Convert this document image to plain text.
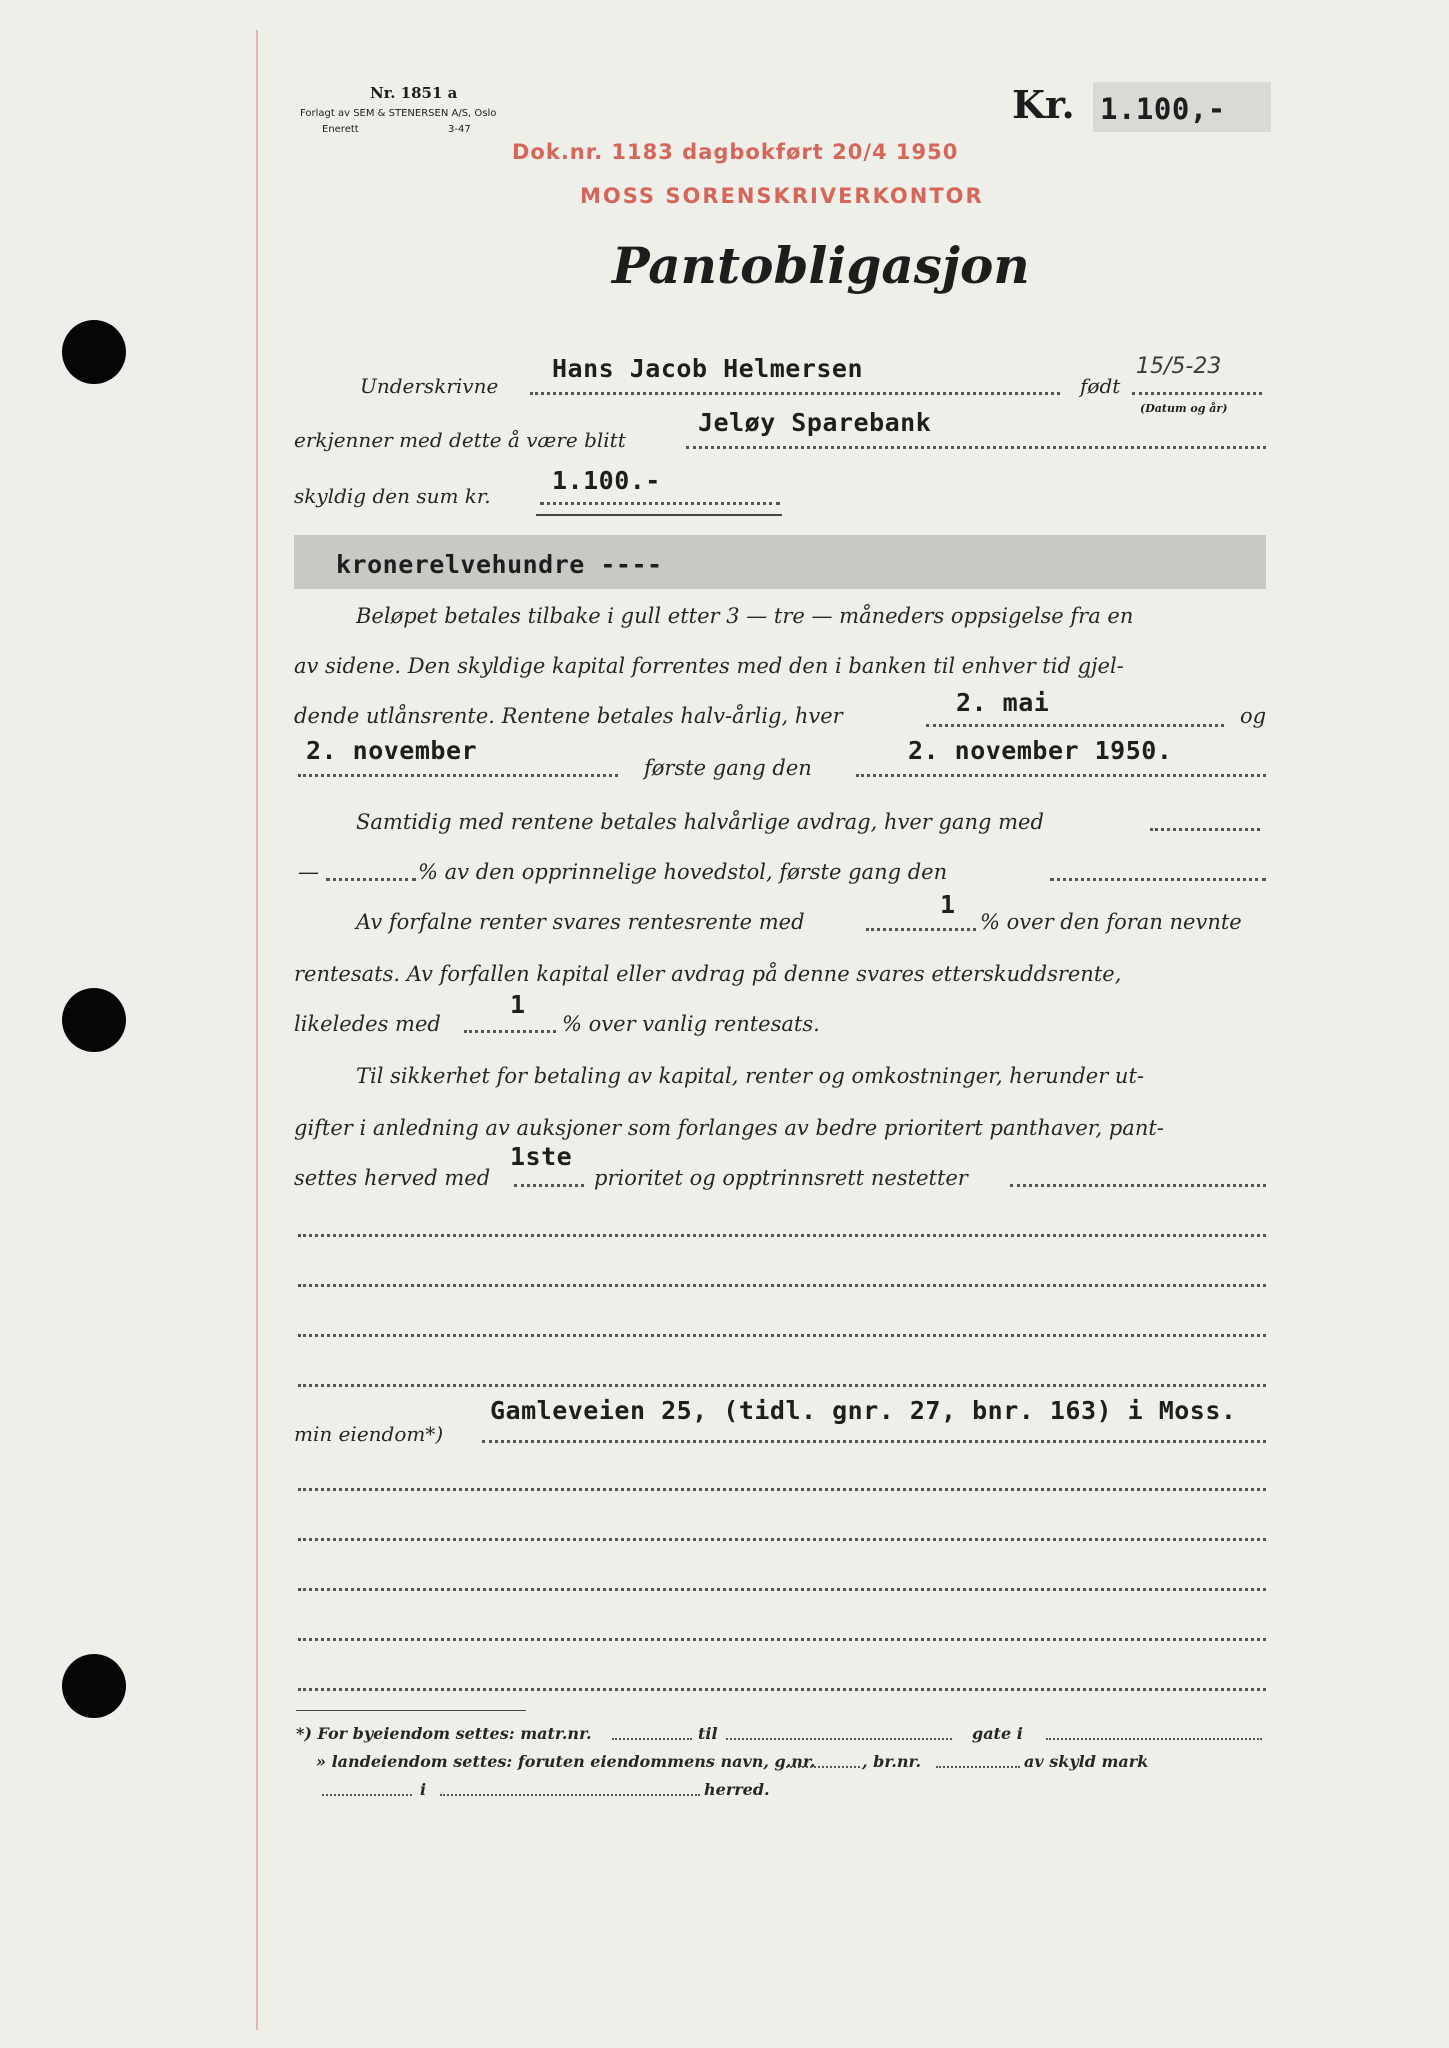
Nr. 1851 a
Forlagt av SEM & STENERSEN A/S, Oslo
Enerett	3-47
Kr. 1.100,-
Dok.nr. 1183 dagbokført 20/4 1950
MOSS SORENSKRIVERKONTOR
Pantobligasjon
Underskrivne
Hans Jacob Helmersen
født
15/5-23
(Datum og år)
erkjenner med dette å være blitt
Jeløy Sparebank
skyldig den sum kr.
1.100.-
kronerelvehundre ----
Beløpet betales tilbake i gull etter 3 — tre — måneders oppsigelse fra en
av sidene. Den skyldige kapital forrentes med den i banken til enhver tid gjel-
dende utlånsrente. Rentene betales halv-årlig, hver	2. mai	og
2. november
første gang den
2. november 1950.
Samtidig med rentene betales halvårlige avdrag, hver gang med
—	% av den opprinnelige hovedstol, første gang den
Av forfalne renter svares rentesrente med
1
% over den foran nevnte
rentesats. Av forfallen kapital eller avdrag på denne svares etterskuddsrente,
likeledes med
1
% over vanlig rentesats.
Til sikkerhet for betaling av kapital, renter og omkostninger, herunder ut-
gifter i anledning av auksjoner som forlanges av bedre prioritert panthaver, pant-
settes herved med
1ste
prioritet og opptrinnsrett nestetter
min eiendom*)
Gamleveien 25, (tidl. gnr. 27, bnr. 163) i Moss.
*) For byeiendom settes: matr.nr.	til	gate i
» landeiendom settes: foruten eiendommens navn, g.nr.	, br.nr.	av skyld mark
i	herred.
